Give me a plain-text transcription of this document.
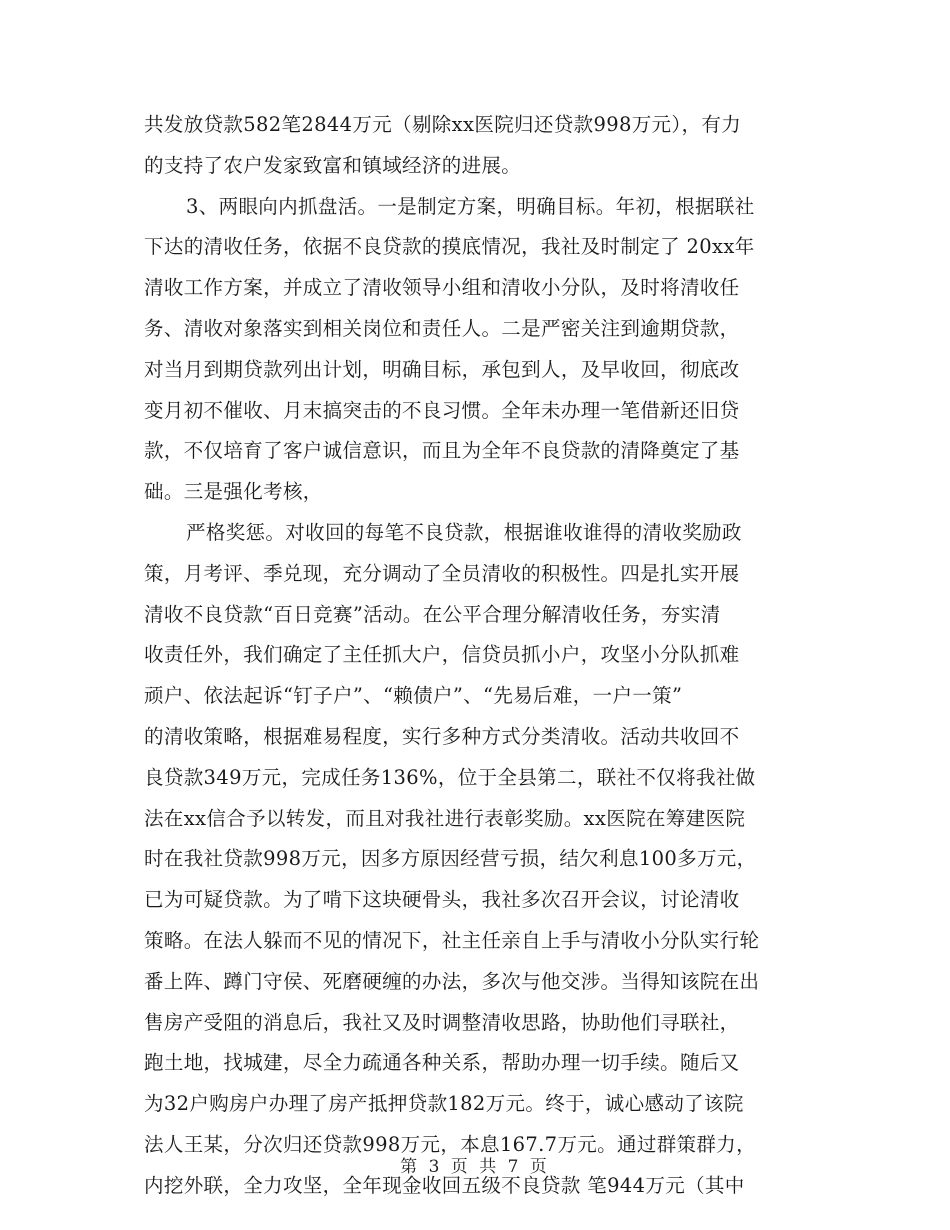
共发放贷款582笔2844万元（剔除xx医院归还贷款998万元），有力
的支持了农户发家致富和镇域经济的进展。
3、两眼向内抓盘活。一是制定方案，明确目标。年初，根据联社
下达的清收任务，依据不良贷款的摸底情况，我社及时制定了 20xx年
清收工作方案，并成立了清收领导小组和清收小分队，及时将清收任
务、清收对象落实到相关岗位和责任人。二是严密关注到逾期贷款，
对当月到期贷款列出计划，明确目标，承包到人，及早收回，彻底改
变月初不催收、月末搞突击的不良习惯。全年未办理一笔借新还旧贷
款，不仅培育了客户诚信意识，而且为全年不良贷款的清降奠定了基
础。三是强化考核，
严格奖惩。对收回的每笔不良贷款，根据谁收谁得的清收奖励政
策，月考评、季兑现，充分调动了全员清收的积极性。四是扎实开展
清收不良贷款“百日竞赛”活动。在公平合理分解清收任务，夯实清
收责任外，我们确定了主任抓大户，信贷员抓小户，攻坚小分队抓难
顽户、依法起诉“钉子户”、“赖债户”、“先易后难，一户一策”
的清收策略，根据难易程度，实行多种方式分类清收。活动共收回不
良贷款349万元，完成任务136%，位于全县第二，联社不仅将我社做
法在xx信合予以转发，而且对我社进行表彰奖励。xx医院在筹建医院
时在我社贷款998万元，因多方原因经营亏损，结欠利息100多万元，
已为可疑贷款。为了啃下这块硬骨头，我社多次召开会议，讨论清收
策略。在法人躲而不见的情况下，社主任亲自上手与清收小分队实行轮
番上阵、蹲门守侯、死磨硬缠的办法，多次与他交涉。当得知该院在出
售房产受阻的消息后，我社又及时调整清收思路，协助他们寻联社，
跑土地，找城建，尽全力疏通各种关系，帮助办理一切手续。随后又
为32户购房户办理了房产抵押贷款182万元。终于，诚心感动了该院
法人王某，分次归还贷款998万元，本息167.7万元。通过群策群力，
内挖外联，全力攻坚，全年现金收回五级不良贷款 笔944万元（其中
第 3 页 共 7 页
